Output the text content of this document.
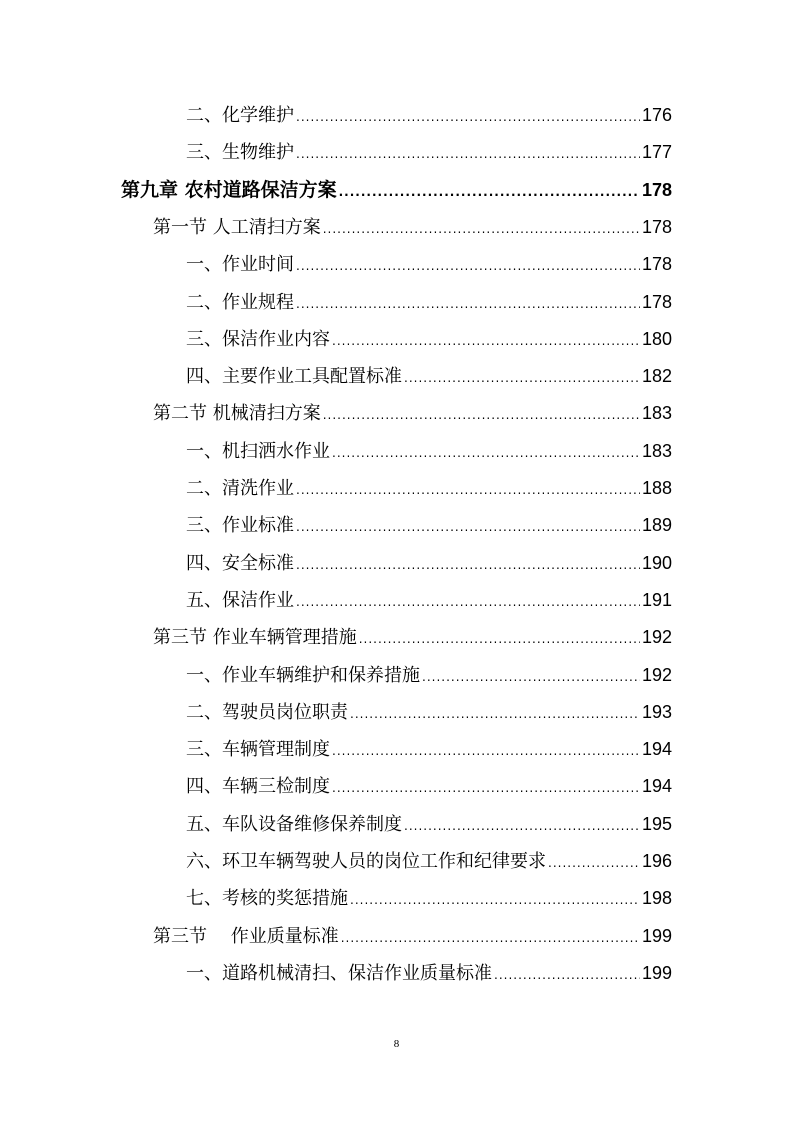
二、化学维护 .....	176
三、生物维护 .....	177
第九章 农村道路保洁方案 .....	178
第一节 人工清扫方案 .....	178
一、作业时间 .....	178
二、作业规程 .....	178
三、保洁作业内容 .....	180
四、主要作业工具配置标准 .....	182
第二节 机械清扫方案 .....	183
一、机扫洒水作业 .....	183
二、清洗作业 .....	188
三、作业标准 .....	189
四、安全标准 .....	190
五、保洁作业 .....	191
第三节 作业车辆管理措施 .....	192
一、作业车辆维护和保养措施 .....	192
二、驾驶员岗位职责 .....	193
三、车辆管理制度 .....	194
四、车辆三检制度 .....	194
五、车队设备维修保养制度 .....	195
六、环卫车辆驾驶人员的岗位工作和纪律要求 .....	196
七、考核的奖惩措施 .....	198
第三节　 作业质量标准 .....	199
一、道路机械清扫、保洁作业质量标准 .....	199
8
